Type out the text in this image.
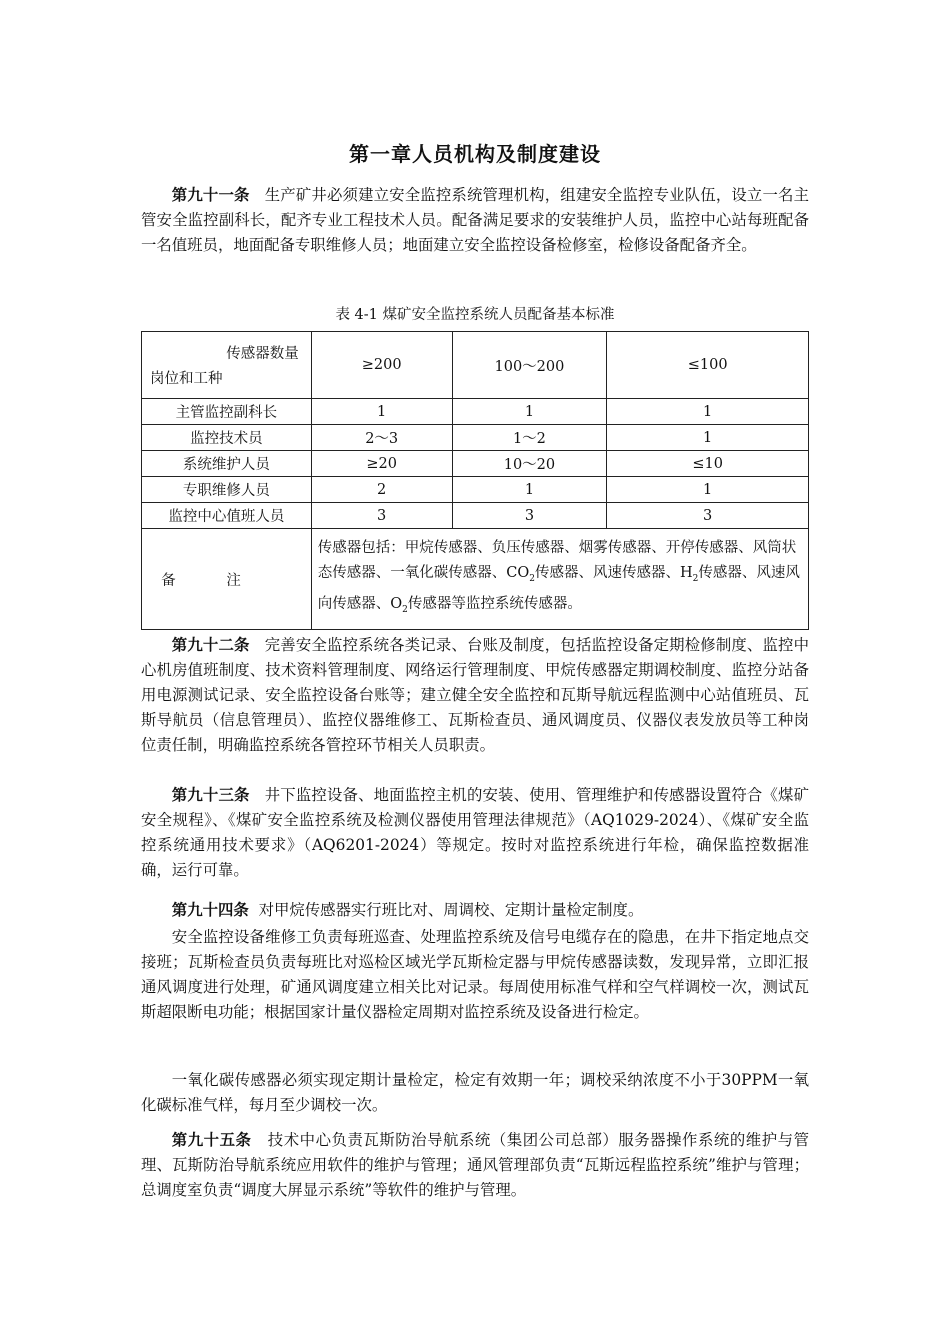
第一章人员机构及制度建设

第九十一条 生产矿井必须建立安全监控系统管理机构，组建安全监控专业队伍，设立一名主管安全监控副科长，配齐专业工程技术人员。配备满足要求的安装维护人员，监控中心站每班配备一名值班员，地面配备专职维修人员；地面建立安全监控设备检修室，检修设备配备齐全。

表 4-1 煤矿安全监控系统人员配备基本标准
传感器数量
岗位和工种	≥200	100～200	≤100
主管监控副科长	1	1	1
监控技术员	2～3	1～2	1
系统维护人员	≥20	10～20	≤10
专职维修人员	2	1	1
监控中心值班人员	3	3	3
备注	传感器包括：甲烷传感器、负压传感器、烟雾传感器、开停传感器、风筒状态传感器、一氧化碳传感器、$CO_2$传感器、风速传感器、$H_2$传感器、风速风向传感器、$O_2$传感器等监控系统传感器。		

第九十二条 完善安全监控系统各类记录、台账及制度，包括监控设备定期检修制度、监控中心机房值班制度、技术资料管理制度、网络运行管理制度、甲烷传感器定期调校制度、监控分站备用电源测试记录、安全监控设备台账等；建立健全安全监控和瓦斯导航远程监测中心站值班员、瓦斯导航员（信息管理员）、监控仪器维修工、瓦斯检查员、通风调度员、仪器仪表发放员等工种岗位责任制，明确监控系统各管控环节相关人员职责。

第九十三条 井下监控设备、地面监控主机的安装、使用、管理维护和传感器设置符合《煤矿安全规程》、《煤矿安全监控系统及检测仪器使用管理法律规范》（AQ1029-2024）、《煤矿安全监控系统通用技术要求》（AQ6201-2024）等规定。按时对监控系统进行年检，确保监控数据准确，运行可靠。

第九十四条 对甲烷传感器实行班比对、周调校、定期计量检定制度。

安全监控设备维修工负责每班巡查、处理监控系统及信号电缆存在的隐患，在井下指定地点交接班；瓦斯检查员负责每班比对巡检区域光学瓦斯检定器与甲烷传感器读数，发现异常，立即汇报通风调度进行处理，矿通风调度建立相关比对记录。每周使用标准气样和空气样调校一次，测试瓦斯超限断电功能；根据国家计量仪器检定周期对监控系统及设备进行检定。

一氧化碳传感器必须实现定期计量检定，检定有效期一年；调校采纳浓度不小于30PPM一氧化碳标准气样，每月至少调校一次。

第九十五条 技术中心负责瓦斯防治导航系统（集团公司总部）服务器操作系统的维护与管理、瓦斯防治导航系统应用软件的维护与管理；通风管理部负责“瓦斯远程监控系统”维护与管理；总调度室负责“调度大屏显示系统”等软件的维护与管理。
